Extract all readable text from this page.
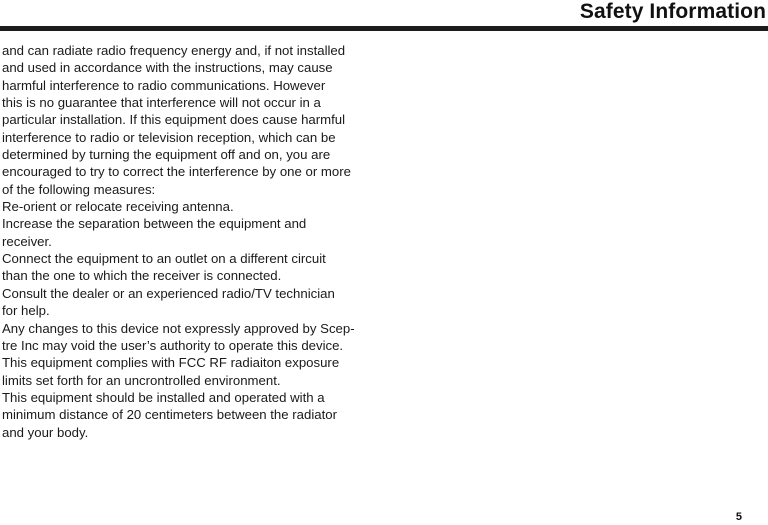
Safety Information
and can radiate radio frequency energy and, if not installed
and used in accordance with the instructions, may cause
harmful interference to radio communications. However
this is no guarantee that interference will not occur in a
particular installation. If this equipment does cause harmful
interference to radio or television reception, which can be
determined by turning the equipment off and on, you are
encouraged to try to correct the interference by one or more
of the following measures:
Re-orient or relocate receiving antenna.
Increase the separation between the equipment and
receiver.
Connect the equipment to an outlet on a different circuit
than the one to which the receiver is connected.
Consult the dealer or an experienced radio/TV technician
for help.
Any changes to this device not expressly approved by Scep-
tre Inc may void the user’s authority to operate this device.
This equipment complies with FCC RF radiaiton exposure
limits set forth for an uncrontrolled environment.
This equipment should be installed and operated with a
minimum distance of 20 centimeters between the radiator
and your body.
5
